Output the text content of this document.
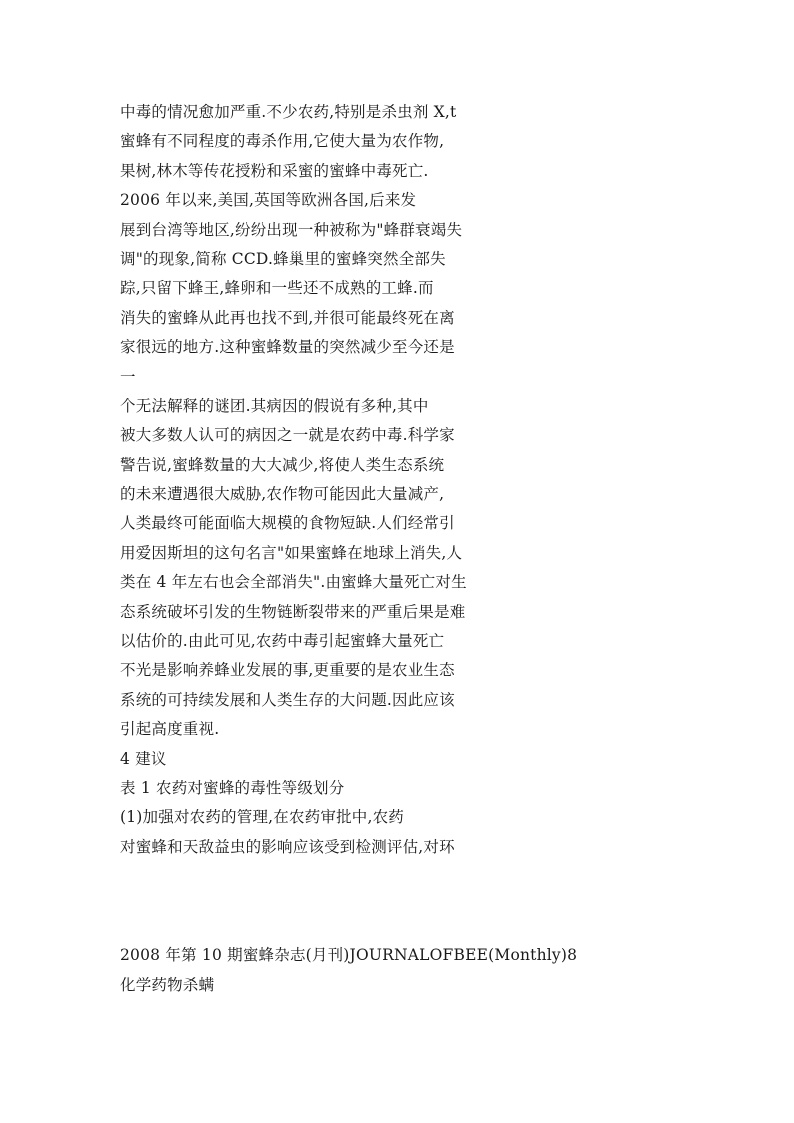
中毒的情况愈加严重.不少农药,特别是杀虫剂 X,t
蜜蜂有不同程度的毒杀作用,它使大量为农作物,
果树,林木等传花授粉和采蜜的蜜蜂中毒死亡.
2006 年以来,美国,英国等欧洲各国,后来发
展到台湾等地区,纷纷出现一种被称为"蜂群衰竭失
调"的现象,简称 CCD.蜂巢里的蜜蜂突然全部失
踪,只留下蜂王,蜂卵和一些还不成熟的工蜂.而
消失的蜜蜂从此再也找不到,并很可能最终死在离
家很远的地方.这种蜜蜂数量的突然减少至今还是
一
个无法解释的谜团.其病因的假说有多种,其中
被大多数人认可的病因之一就是农药中毒.科学家
警告说,蜜蜂数量的大大减少,将使人类生态系统
的未来遭遇很大威胁,农作物可能因此大量减产,
人类最终可能面临大规模的食物短缺.人们经常引
用爱因斯坦的这句名言"如果蜜蜂在地球上消失,人
类在 4 年左右也会全部消失".由蜜蜂大量死亡对生
态系统破坏引发的生物链断裂带来的严重后果是难
以估价的.由此可见,农药中毒引起蜜蜂大量死亡
不光是影响养蜂业发展的事,更重要的是农业生态
系统的可持续发展和人类生存的大问题.因此应该
引起高度重视.
4 建议
表 1 农药对蜜蜂的毒性等级划分
(1)加强对农药的管理,在农药审批中,农药
对蜜蜂和天敌益虫的影响应该受到检测评估,对环
2008 年第 10 期蜜蜂杂志(月刊)JOURNALOFBEE(Monthly)8
化学药物杀螨
